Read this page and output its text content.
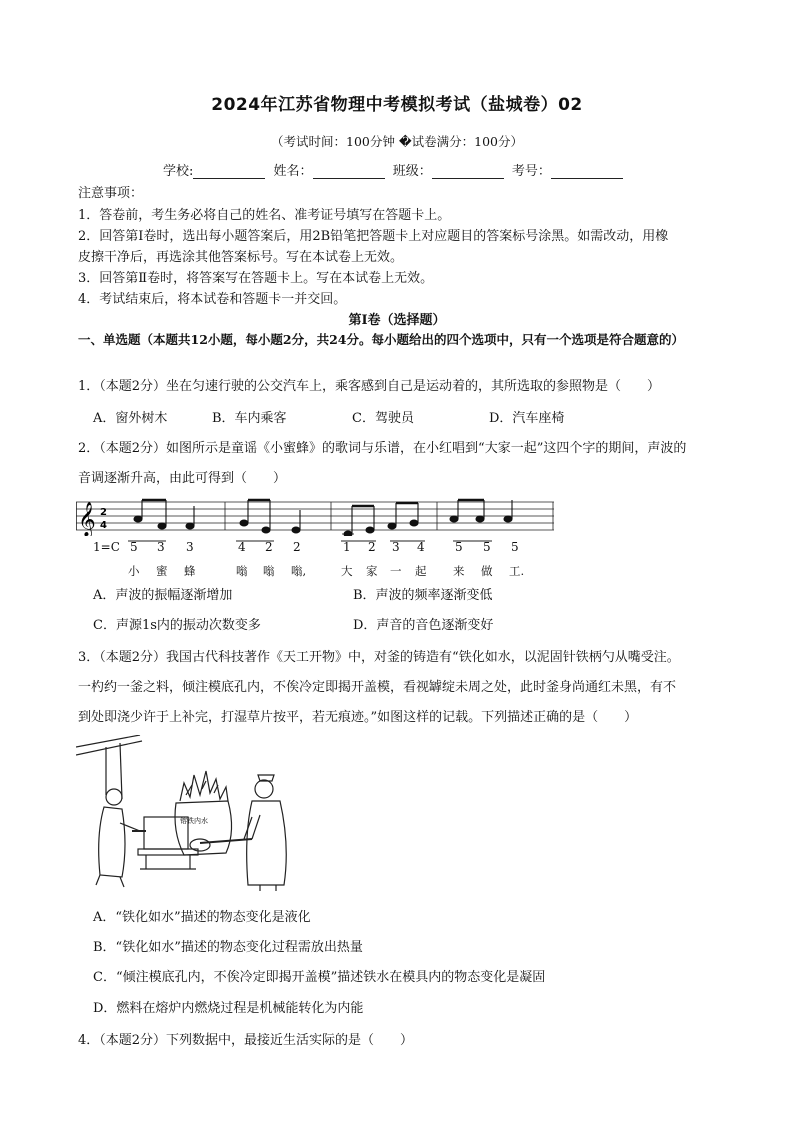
2024年江苏省物理中考模拟考试（盐城卷）02
（考试时间：100分钟 �试卷满分：100分）
学校:	姓名：	班级：	考号：
注意事项：
1．答卷前，考生务必将自己的姓名、准考证号填写在答题卡上。
2．回答第Ⅰ卷时，选出每小题答案后，用2B铅笔把答题卡上对应题目的答案标号涂黑。如需改动，用橡
皮擦干净后，再选涂其他答案标号。写在本试卷上无效。
3．回答第Ⅱ卷时，将答案写在答题卡上。写在本试卷上无效。
4．考试结束后，将本试卷和答题卡一并交回。
第Ⅰ卷（选择题）
一、单选题（本题共12小题，每小题2分，共24分。每小题给出的四个选项中，只有一个选项是符合题意的）
1．（本题2分）坐在匀速行驶的公交汽车上，乘客感到自己是运动着的，其所选取的参照物是（　　）
A．窗外树木	B．车内乘客	C．驾驶员	D．汽车座椅
2．（本题2分）如图所示是童谣《小蜜蜂》的歌词与乐谱，在小红唱到“大家一起”这四个字的期间，声波的
音调逐渐升高，由此可得到（　　）
𝄞 2
4
1=C 5 3 3	4 2 2	1 2 3 4	5 5 5
小 蜜 蜂	嗡 嗡 嗡,	大 家 一 起 来 做 工.
A．声波的振幅逐渐增加	B．声波的频率逐渐变低
C．声源1s内的振动次数变多	D．声音的音色逐渐变好
3．（本题2分）我国古代科技著作《天工开物》中，对釜的铸造有“铁化如水，以泥固针铁柄勺从嘴受注。
一杓约一釜之料，倾注模底孔内，不俟冷定即揭开盖模，看视罅绽未周之处，此时釜身尚通红未黑，有不
到处即浇少许于上补完，打湿草片按平，若无痕迹。”如图这样的记载。下列描述正确的是（　　）
镕铁内水
A．“铁化如水”描述的物态变化是液化
B．“铁化如水”描述的物态变化过程需放出热量
C．“倾注模底孔内，不俟冷定即揭开盖模”描述铁水在模具内的物态变化是凝固
D．燃料在熔炉内燃烧过程是机械能转化为内能
4．（本题2分）下列数据中，最接近生活实际的是（　　）
